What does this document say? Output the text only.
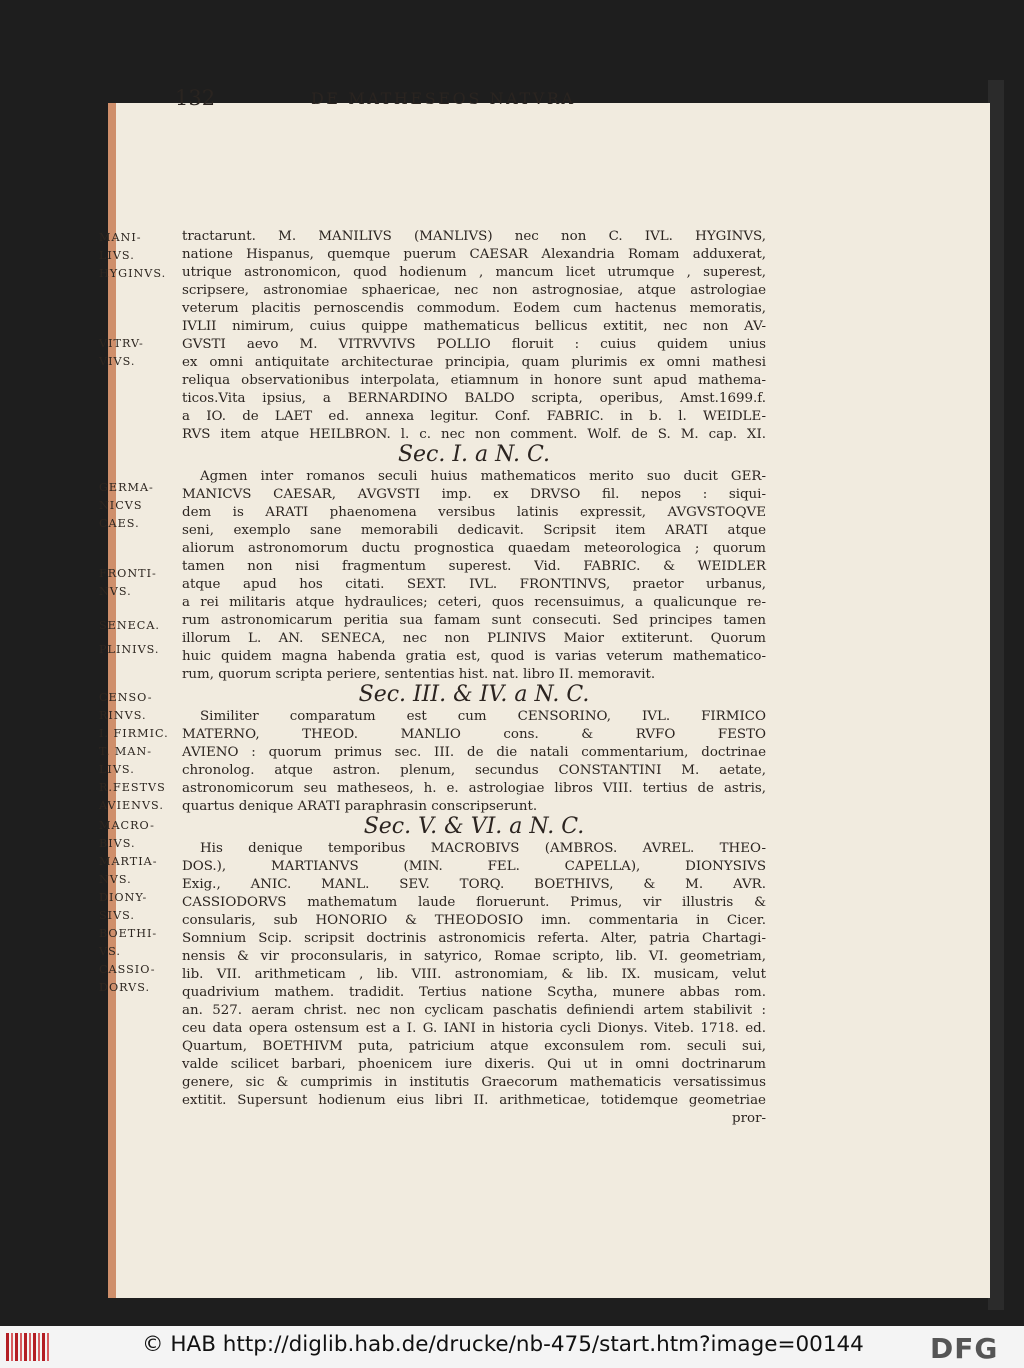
132	DE MATHESEOS NATVRA
MANI-
LIVS.
HYGINVS.
VITRV-
VIVS.
GERMA-
NICVS
CAES.
FRONTI-
NVS.
SENECA.
PLINIVS.
CENSO-
RINVS.
I. FIRMIC.
T. MAN-
LIVS.
R.FESTVS
AVIENVS.
MACRO-
BIVS.
MARTIA-
NVS.
DIONY-
SIVS.
BOETHI-
VS.
CASSIO-
DORVS.
tractarunt. M. MANILIVS (MANLIVS) nec non C. IVL. HYGINVS,
natione Hispanus, quemque puerum CAESAR Alexandria Romam adduxerat,
utrique astronomicon, quod hodienum , mancum licet utrumque , superest,
scripsere, astronomiae sphaericae, nec non astrognosiae, atque astrologiae
veterum placitis pernoscendis commodum. Eodem cum hactenus memoratis,
IVLII nimirum, cuius quippe mathematicus bellicus extitit, nec non AV-
GVSTI aevo M. VITRVVIVS POLLIO floruit : cuius quidem unius
ex omni antiquitate architecturae principia, quam plurimis ex omni mathesi
reliqua observationibus interpolata, etiamnum in honore sunt apud mathema-
ticos.Vita ipsius, a BERNARDINO BALDO scripta, operibus, Amst.1699.f.
a IO. de LAET ed. annexa legitur. Conf. FABRIC. in b. l. WEIDLE-
RVS item atque HEILBRON. l. c. nec non comment. Wolf. de S. M. cap. XI.
Sec. I. a N. C.
Agmen inter romanos seculi huius mathematicos merito suo ducit GER-
MANICVS CAESAR, AVGVSTI imp. ex DRVSO fil. nepos : siqui-
dem is ARATI phaenomena versibus latinis expressit, AVGVSTOQVE
seni, exemplo sane memorabili dedicavit. Scripsit item ARATI atque
aliorum astronomorum ductu prognostica quaedam meteorologica ; quorum
tamen non nisi fragmentum superest. Vid. FABRIC. & WEIDLER
atque apud hos citati. SEXT. IVL. FRONTINVS, praetor urbanus,
a rei militaris atque hydraulices; ceteri, quos recensuimus, a qualicunque re-
rum astronomicarum peritia sua famam sunt consecuti. Sed principes tamen
illorum L. AN. SENECA, nec non PLINIVS Maior extiterunt. Quorum
huic quidem magna habenda gratia est, quod is varias veterum mathematico-
rum, quorum scripta periere, sententias hist. nat. libro II. memoravit.
Sec. III. & IV. a N. C.
Similiter comparatum est cum CENSORINO, IVL. FIRMICO
MATERNO, THEOD. MANLIO cons. & RVFO FESTO
AVIENO : quorum primus sec. III. de die natali commentarium, doctrinae
chronolog. atque astron. plenum, secundus CONSTANTINI M. aetate,
astronomicorum seu matheseos, h. e. astrologiae libros VIII. tertius de astris,
quartus denique ARATI paraphrasin conscripserunt.
Sec. V. & VI. a N. C.
His denique temporibus MACROBIVS (AMBROS. AVREL. THEO-
DOS.), MARTIANVS (MIN. FEL. CAPELLA), DIONYSIVS
Exig., ANIC. MANL. SEV. TORQ. BOETHIVS, & M. AVR.
CASSIODORVS mathematum laude floruerunt. Primus, vir illustris &
consularis, sub HONORIO & THEODOSIO imn. commentaria in Cicer.
Somnium Scip. scripsit doctrinis astronomicis referta. Alter, patria Chartagi-
nensis & vir proconsularis, in satyrico, Romae scripto, lib. VI. geometriam,
lib. VII. arithmeticam , lib. VIII. astronomiam, & lib. IX. musicam, velut
quadrivium mathem. tradidit. Tertius natione Scytha, munere abbas rom.
an. 527. aeram christ. nec non cyclicam paschatis definiendi artem stabilivit :
ceu data opera ostensum est a I. G. IANI in historia cycli Dionys. Viteb. 1718. ed.
Quartum, BOETHIVM puta, patricium atque exconsulem rom. seculi sui,
valde scilicet barbari, phoenicem iure dixeris. Qui ut in omni doctrinarum
genere, sic & cumprimis in institutis Graecorum mathematicis versatissimus
extitit. Supersunt hodienum eius libri II. arithmeticae, totidemque geometriae
pror-
© HAB http://diglib.hab.de/drucke/nb-475/start.htm?image=00144 DFG
